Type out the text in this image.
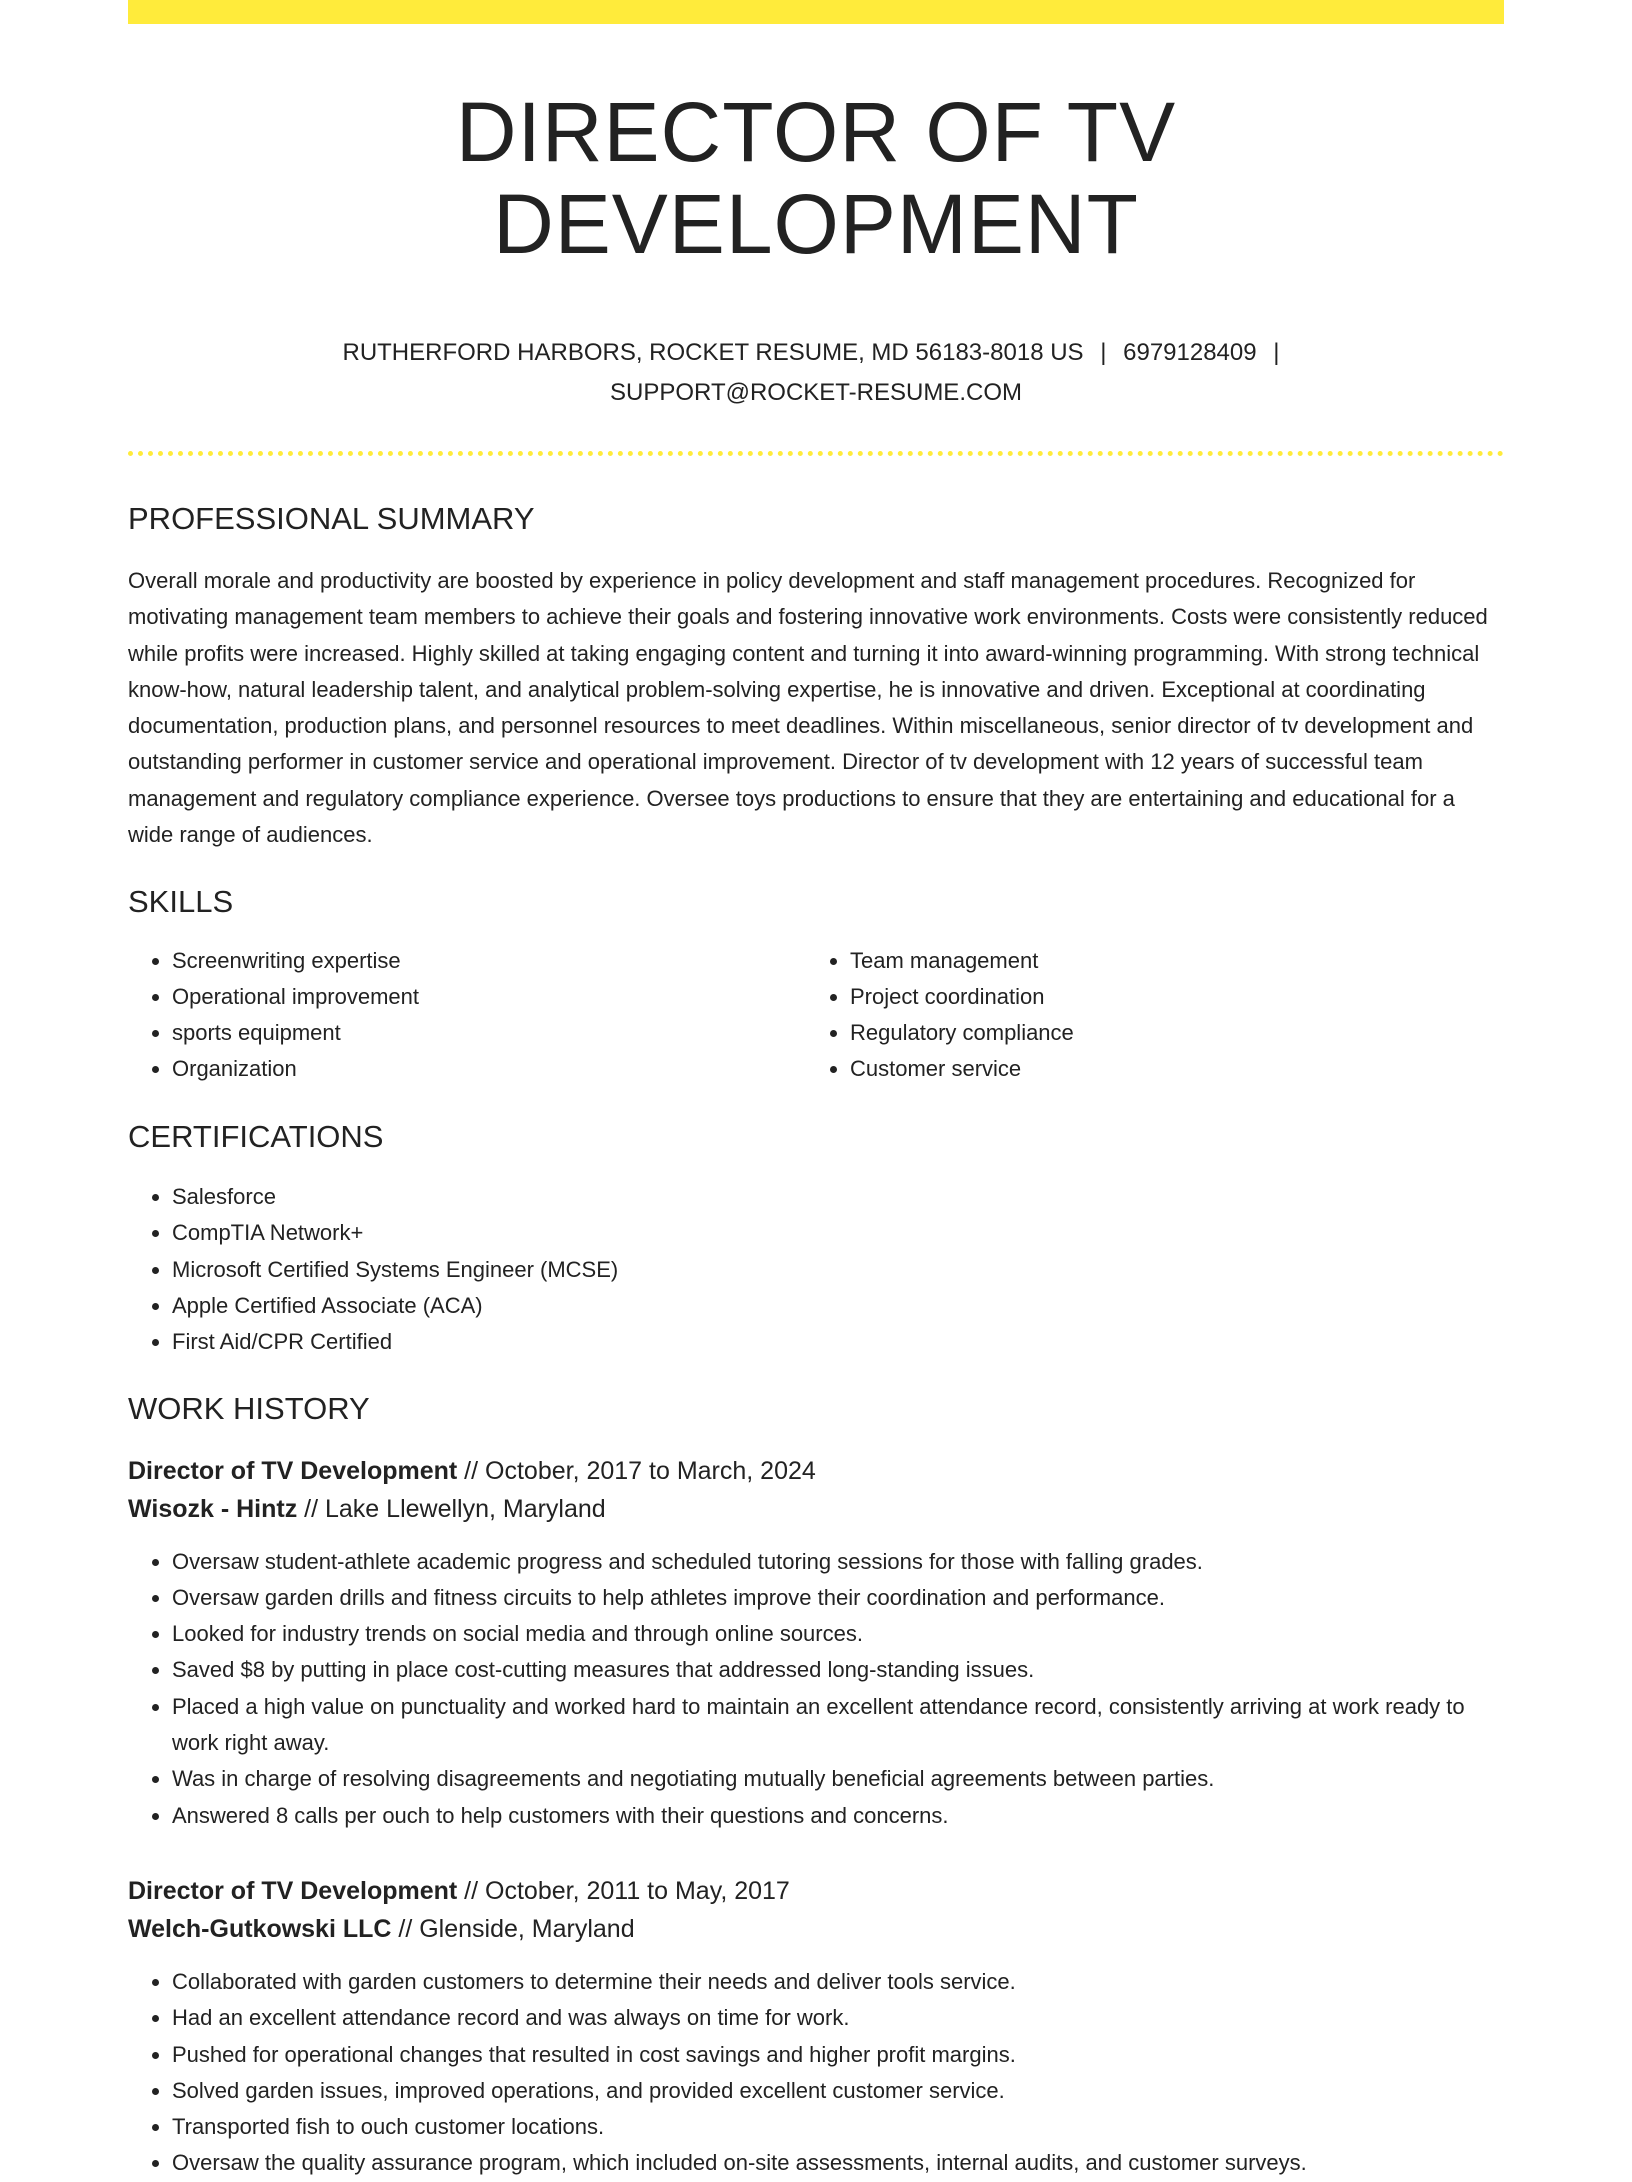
DIRECTOR OF TV DEVELOPMENT
RUTHERFORD HARBORS, ROCKET RESUME, MD 56183-8018 US | 6979128409 |
SUPPORT@ROCKET-RESUME.COM
PROFESSIONAL SUMMARY

Overall morale and productivity are boosted by experience in policy development and staff management procedures. Recognized for motivating management team members to achieve their goals and fostering innovative work environments. Costs were consistently reduced while profits were increased. Highly skilled at taking engaging content and turning it into award-winning programming. With strong technical know-how, natural leadership talent, and analytical problem-solving expertise, he is innovative and driven. Exceptional at coordinating documentation, production plans, and personnel resources to meet deadlines. Within miscellaneous, senior director of tv development and outstanding performer in customer service and operational improvement. Director of tv development with 12 years of successful team management and regulatory compliance experience. Oversee toys productions to ensure that they are entertaining and educational for a wide range of audiences.

SKILLS
• Screenwriting expertise
• Operational improvement
• sports equipment
• Organization
• Team management
• Project coordination
• Regulatory compliance
• Customer service
CERTIFICATIONS
• Salesforce
• CompTIA Network+
• Microsoft Certified Systems Engineer (MCSE)
• Apple Certified Associate (ACA)
• First Aid/CPR Certified
WORK HISTORY
Director of TV Development // October, 2017 to March, 2024
Wisozk - Hintz // Lake Llewellyn, Maryland
• Oversaw student-athlete academic progress and scheduled tutoring sessions for those with falling grades.
• Oversaw garden drills and fitness circuits to help athletes improve their coordination and performance.
• Looked for industry trends on social media and through online sources.
• Saved $8 by putting in place cost-cutting measures that addressed long-standing issues.
• Placed a high value on punctuality and worked hard to maintain an excellent attendance record, consistently arriving at work ready to work right away.
• Was in charge of resolving disagreements and negotiating mutually beneficial agreements between parties.
• Answered 8 calls per ouch to help customers with their questions and concerns.
Director of TV Development // October, 2011 to May, 2017
Welch-Gutkowski LLC // Glenside, Maryland
• Collaborated with garden customers to determine their needs and deliver tools service.
• Had an excellent attendance record and was always on time for work.
• Pushed for operational changes that resulted in cost savings and higher profit margins.
• Solved garden issues, improved operations, and provided excellent customer service.
• Transported fish to ouch customer locations.
• Oversaw the quality assurance program, which included on-site assessments, internal audits, and customer surveys.
